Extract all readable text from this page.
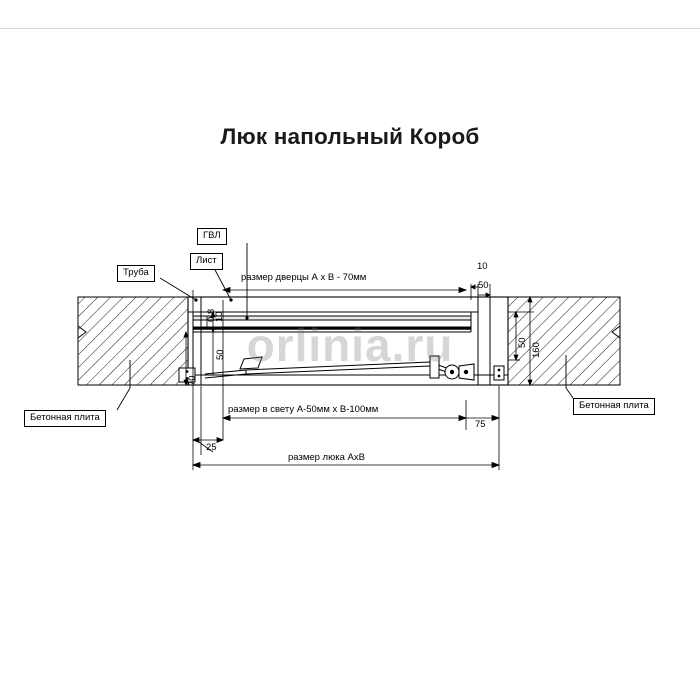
Люк напольный Короб
orlinia.ru
Труба
Лист
ГВЛ
Бетонная плита
Бетонная плита
размер дверцы А х В - 70мм
размер в свету А-50мм х В-100мм
размер люка АхВ
10
50
10
0,8
50
70
25
75
50 160
